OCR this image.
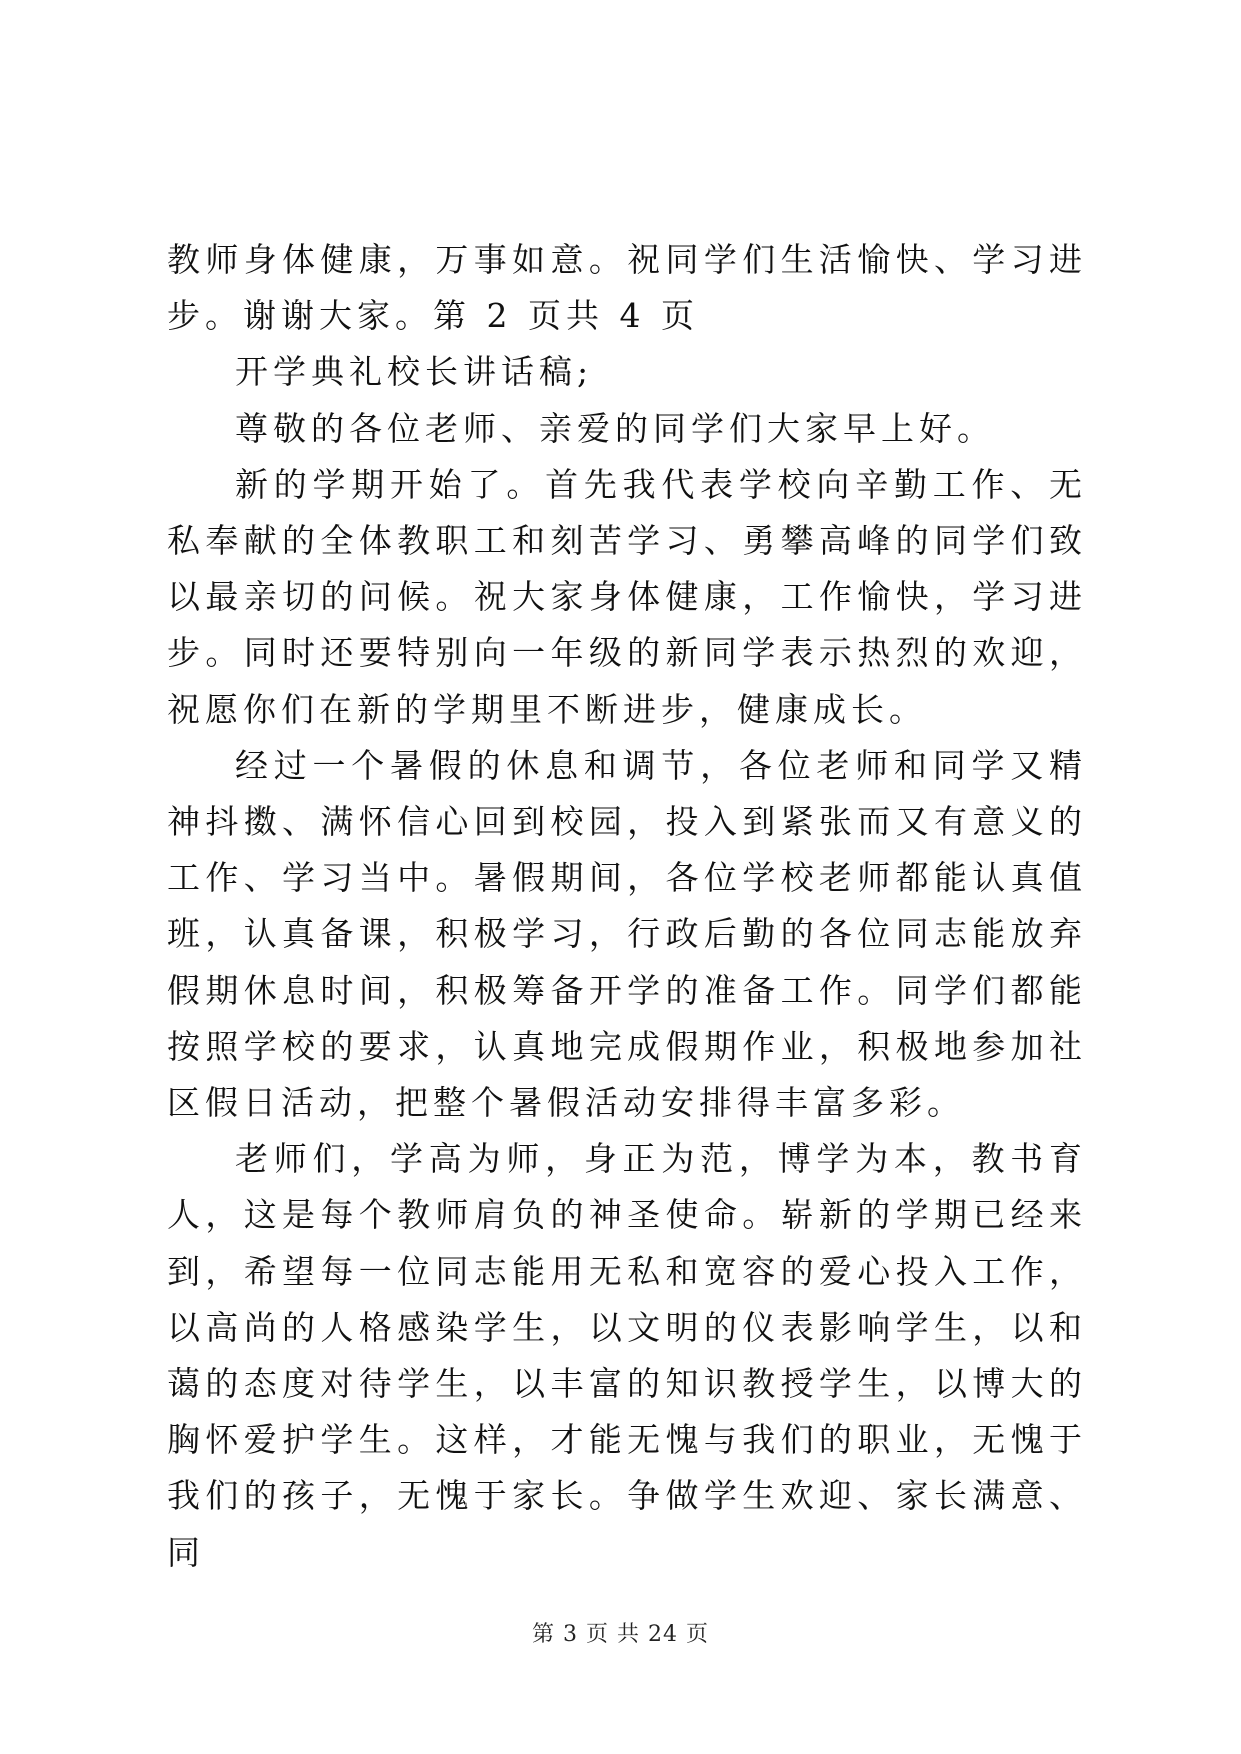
教师身体健康，万事如意。祝同学们生活愉快、学习进步。谢谢大家。第 2 页共 4 页

开学典礼校长讲话稿;

尊敬的各位老师、亲爱的同学们大家早上好。

新的学期开始了。首先我代表学校向辛勤工作、无私奉献的全体教职工和刻苦学习、勇攀高峰的同学们致以最亲切的问候。祝大家身体健康，工作愉快，学习进步。同时还要特别向一年级的新同学表示热烈的欢迎，祝愿你们在新的学期里不断进步，健康成长。

经过一个暑假的休息和调节，各位老师和同学又精神抖擞、满怀信心回到校园，投入到紧张而又有意义的工作、学习当中。暑假期间，各位学校老师都能认真值班，认真备课，积极学习，行政后勤的各位同志能放弃假期休息时间，积极筹备开学的准备工作。同学们都能按照学校的要求，认真地完成假期作业，积极地参加社区假日活动，把整个暑假活动安排得丰富多彩。

老师们，学高为师，身正为范，博学为本，教书育人，这是每个教师肩负的神圣使命。崭新的学期已经来到，希望每一位同志能用无私和宽容的爱心投入工作，以高尚的人格感染学生，以文明的仪表影响学生，以和蔼的态度对待学生，以丰富的知识教授学生，以博大的胸怀爱护学生。这样，才能无愧与我们的职业，无愧于我们的孩子，无愧于家长。争做学生欢迎、家长满意、同

第 3 页 共 24 页
